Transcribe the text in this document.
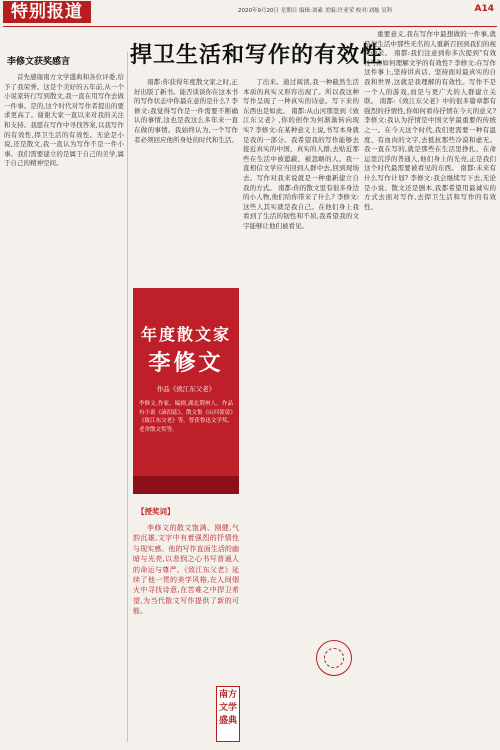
特别报道	2020年9月20日 星期日 编辑:刘素 美编:许亚荣 校对:刘灿 吴科	A14
捍卫生活和写作的有效性
李修文获奖感言

首先感谢南方文学盛典和各位评委,给予了我荣誉。这是个美好的五年前,从一个小说家转行写到散文,我一直在用写作去做一件事。是的,这个时代对写作者提出的要求更高了。谢谢大家一直以来对我的关注和支持。我愿在写作中寻找答案,以我写作的有效性,捍卫生活的有效性。无论是小说,还是散文,我一直认为写作不是一件小事。我们需要建立的是属于自己的美学,属于自己的精神空间。

南都:你获得年度散文家之时,正好出版了新书。能否谈谈你在这本书的写作状态中你最在意的是什么? 李修文:我觉得写作是一件需要不断确认的事情,这也是我这么多年来一直在做的事情。我始终认为,一个写作者必须回应他所身处的时代和生活。

年度散文家
李修文
作品《致江东父老》
李修文,作家、编剧,湖北荆州人。作品有小说《滴泪痣》、散文集《山河袈裟》《致江东父老》等。曾获鲁迅文学奖、老舍散文奖等。
【授奖词】

李修文的散文饱满、刚健,气韵沉雄,文字中有着强烈的抒情性与现实感。他的写作直面生活的幽暗与光亮,以悲悯之心书写普通人的命运与尊严。《致江东父老》延续了他一贯的美学风格,在人间烟火中寻找诗意,在苦难之中捍卫希望,为当代散文写作提供了新的可能。

了出来。通过阅读,我一种截然生活本质的真实又形容出现了。所以我这种写作呈现了一种真实的诗意。写下来的东西也是如此。 南都:从山河那里到《致江东父老》,你的创作为何渐渐转向现实? 李修文:在某种意义上说,书写本身就是我的一部分。我希望我的写作能够去接近真实的中国、真实的人群,去贴近那些在生活中被遮蔽、被忽略的人。我一直相信文学应当回到人群中去,回到现场去。写作对我来说就是一种重新建立自我的方式。 南都:你的散文里有很多身边的小人物,他们给你带来了什么? 李修文:这些人其实就是我自己。在他们身上我看到了生活的韧性和不屈,我希望我的文字能够让他们被看见。

重要意义,我在写作中最想做的一件事,就是把生活中那些无名的人重新召回到我们的视野中来。 南都:我们注意到你多次提到"有效性",你如何理解文学的有效性? 李修文:在写作这件事上,坚持讲真话、坚持面对最真实的自我和世界,这就是我理解的有效性。写作不是一个人的游戏,而是与更广大的人群建立关联。 南都:《致江东父老》中的很多篇章都有强烈的抒情性,你如何看待抒情在今天的意义? 李修文:我认为抒情是中国文学最重要的传统之一。在今天这个时代,我们更需要一种有温度、有血肉的文字,去抵抗那些冷漠和虚无。我一直在写的,就是那些在生活里挣扎、在命运里沉浮的普通人,他们身上的光亮,正是我们这个时代最需要被看见的东西。 南都:未来有什么写作计划? 李修文:我会继续写下去,无论是小说、散文还是剧本,我都希望用最诚实的方式去面对写作,去捍卫生活和写作的有效性。

南方文学盛典
